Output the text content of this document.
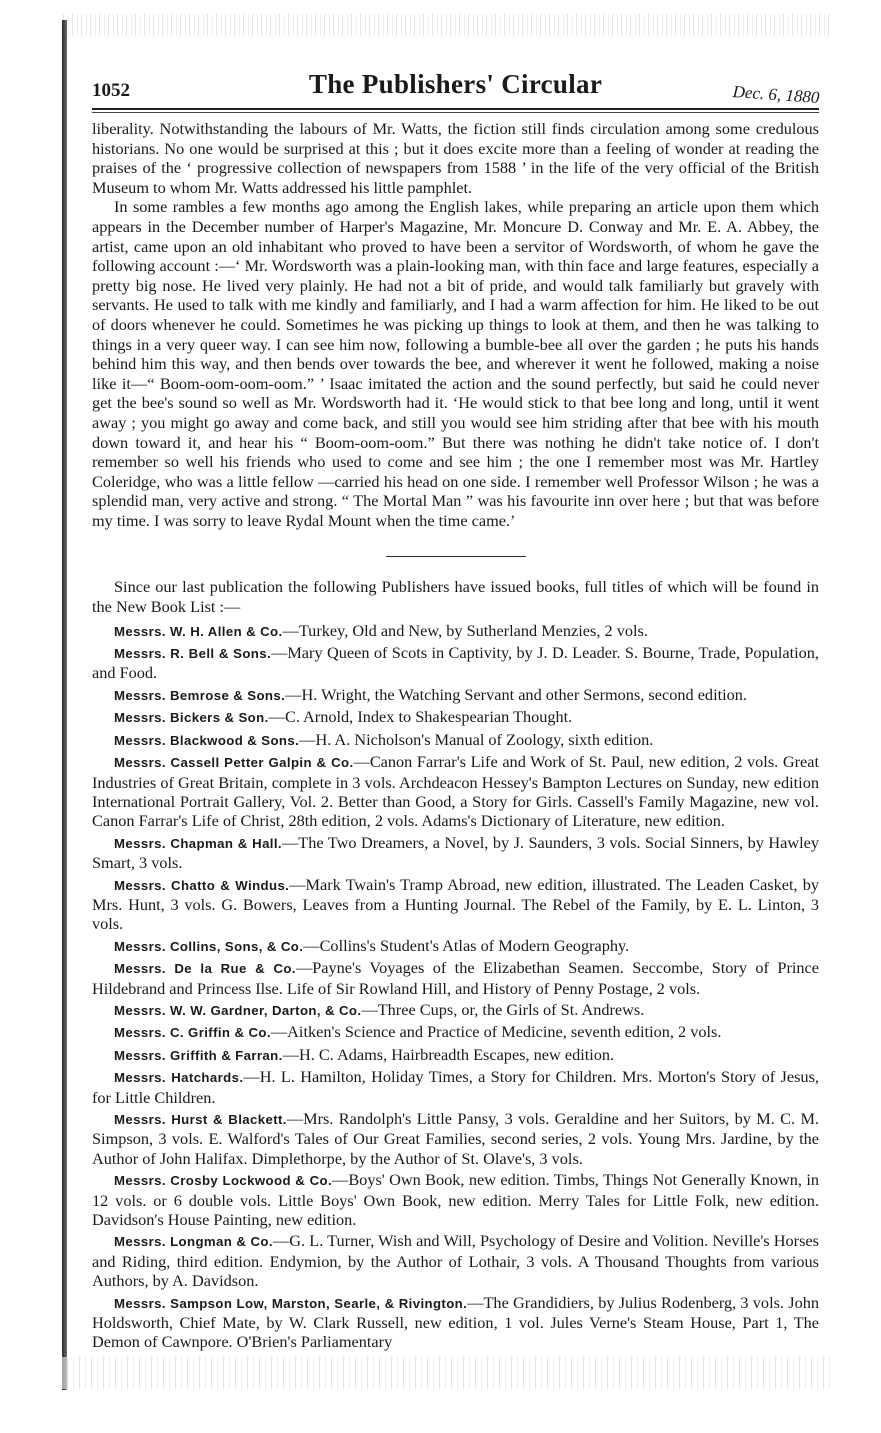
1052	The Publishers' Circular	Dec. 6, 1880

liberality. Notwithstanding the labours of Mr. Watts, the fiction still finds circulation among some credulous historians. No one would be surprised at this ; but it does excite more than a feeling of wonder at reading the praises of the ‘ progressive collection of newspapers from 1588 ’ in the life of the very official of the British Museum to whom Mr. Watts addressed his little pamphlet.

In some rambles a few months ago among the English lakes, while preparing an article upon them which appears in the December number of Harper's Magazine, Mr. Moncure D. Conway and Mr. E. A. Abbey, the artist, came upon an old inhabitant who proved to have been a servitor of Wordsworth, of whom he gave the following account :—‘ Mr. Wordsworth was a plain-looking man, with thin face and large features, especially a pretty big nose. He lived very plainly. He had not a bit of pride, and would talk familiarly but gravely with servants. He used to talk with me kindly and familiarly, and I had a warm affection for him. He liked to be out of doors whenever he could. Sometimes he was picking up things to look at them, and then he was talking to things in a very queer way. I can see him now, following a bumble-bee all over the garden ; he puts his hands behind him this way, and then bends over towards the bee, and wherever it went he followed, making a noise like it—“ Boom-oom-oom-oom.” ’ Isaac imitated the action and the sound perfectly, but said he could never get the bee's sound so well as Mr. Wordsworth had it. ‘He would stick to that bee long and long, until it went away ; you might go away and come back, and still you would see him striding after that bee with his mouth down toward it, and hear his “ Boom-oom-oom.” But there was nothing he didn't take notice of. I don't remember so well his friends who used to come and see him ; the one I remember most was Mr. Hartley Coleridge, who was a little fellow —carried his head on one side. I remember well Professor Wilson ; he was a splendid man, very active and strong. “ The Mortal Man ” was his favourite inn over here ; but that was before my time. I was sorry to leave Rydal Mount when the time came.’

Since our last publication the following Publishers have issued books, full titles of which will be found in the New Book List :—

Messrs. W. H. Allen & Co.—Turkey, Old and New, by Sutherland Menzies, 2 vols.

Messrs. R. Bell & Sons.—Mary Queen of Scots in Captivity, by J. D. Leader. S. Bourne, Trade, Population, and Food.

Messrs. Bemrose & Sons.—H. Wright, the Watching Servant and other Sermons, second edition.

Messrs. Bickers & Son.—C. Arnold, Index to Shakespearian Thought.

Messrs. Blackwood & Sons.—H. A. Nicholson's Manual of Zoology, sixth edition.

Messrs. Cassell Petter Galpin & Co.—Canon Farrar's Life and Work of St. Paul, new edition, 2 vols. Great Industries of Great Britain, complete in 3 vols. Archdeacon Hessey's Bampton Lectures on Sunday, new edition International Portrait Gallery, Vol. 2. Better than Good, a Story for Girls. Cassell's Family Magazine, new vol. Canon Farrar's Life of Christ, 28th edition, 2 vols. Adams's Dictionary of Literature, new edition.

Messrs. Chapman & Hall.—The Two Dreamers, a Novel, by J. Saunders, 3 vols. Social Sinners, by Hawley Smart, 3 vols.

Messrs. Chatto & Windus.—Mark Twain's Tramp Abroad, new edition, illustrated. The Leaden Casket, by Mrs. Hunt, 3 vols. G. Bowers, Leaves from a Hunting Journal. The Rebel of the Family, by E. L. Linton, 3 vols.

Messrs. Collins, Sons, & Co.—Collins's Student's Atlas of Modern Geography.

Messrs. De la Rue & Co.—Payne's Voyages of the Elizabethan Seamen. Seccombe, Story of Prince Hildebrand and Princess Ilse. Life of Sir Rowland Hill, and History of Penny Postage, 2 vols.

Messrs. W. W. Gardner, Darton, & Co.—Three Cups, or, the Girls of St. Andrews.

Messrs. C. Griffin & Co.—Aitken's Science and Practice of Medicine, seventh edition, 2 vols.

Messrs. Griffith & Farran.—H. C. Adams, Hairbreadth Escapes, new edition.

Messrs. Hatchards.—H. L. Hamilton, Holiday Times, a Story for Children. Mrs. Morton's Story of Jesus, for Little Children.

Messrs. Hurst & Blackett.—Mrs. Randolph's Little Pansy, 3 vols. Geraldine and her Suitors, by M. C. M. Simpson, 3 vols. E. Walford's Tales of Our Great Families, second series, 2 vols. Young Mrs. Jardine, by the Author of John Halifax. Dimplethorpe, by the Author of St. Olave's, 3 vols.

Messrs. Crosby Lockwood & Co.—Boys' Own Book, new edition. Timbs, Things Not Generally Known, in 12 vols. or 6 double vols. Little Boys' Own Book, new edition. Merry Tales for Little Folk, new edition. Davidson's House Painting, new edition.

Messrs. Longman & Co.—G. L. Turner, Wish and Will, Psychology of Desire and Volition. Neville's Horses and Riding, third edition. Endymion, by the Author of Lothair, 3 vols. A Thousand Thoughts from various Authors, by A. Davidson.

Messrs. Sampson Low, Marston, Searle, & Rivington.—The Grandidiers, by Julius Rodenberg, 3 vols. John Holdsworth, Chief Mate, by W. Clark Russell, new edition, 1 vol. Jules Verne's Steam House, Part 1, The Demon of Cawnpore. O'Brien's Parliamentary
